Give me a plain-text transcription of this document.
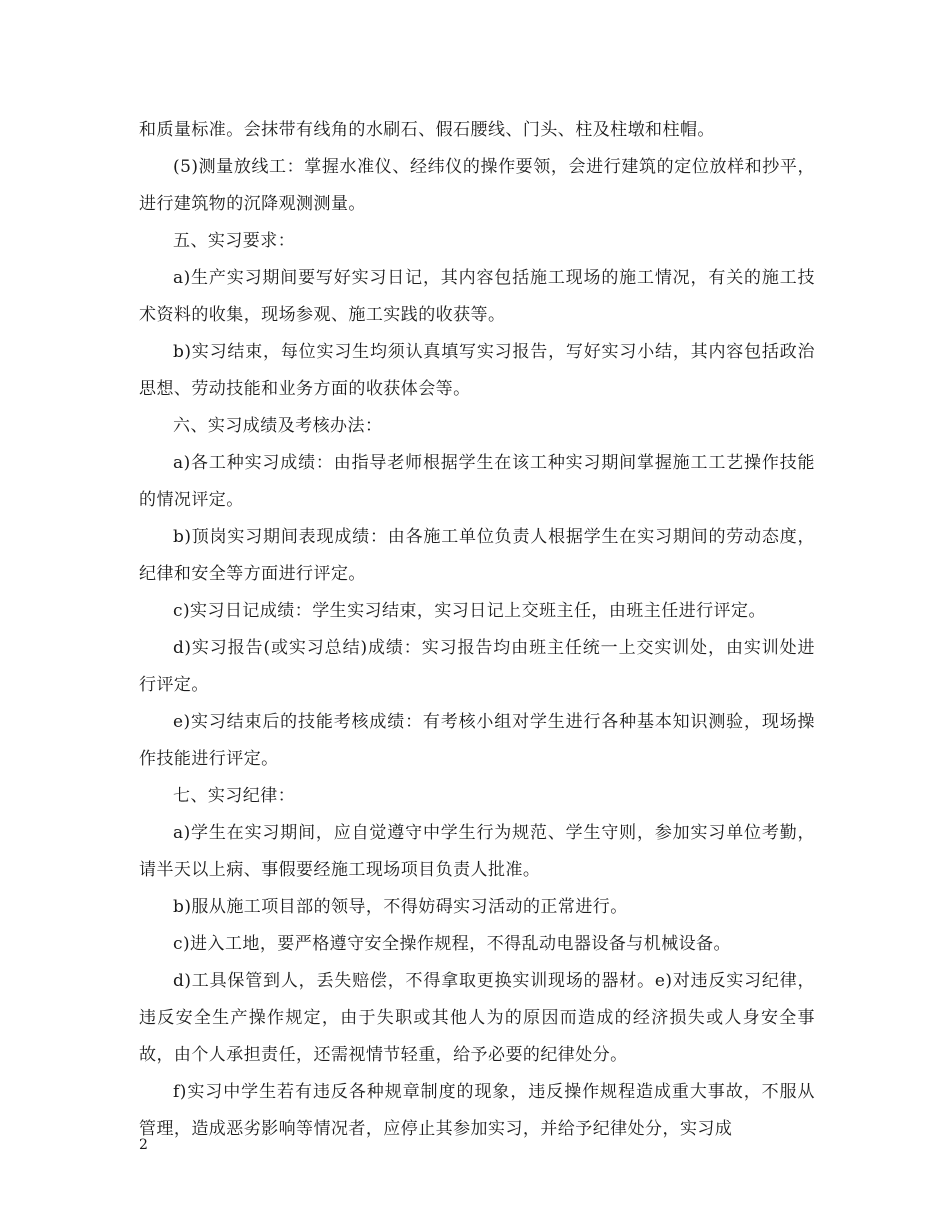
和质量标准。会抹带有线角的水刷石、假石腰线、门头、柱及柱墩和柱帽。

(5)测量放线工：掌握水准仪、经纬仪的操作要领，会进行建筑的定位放样和抄平，进行建筑物的沉降观测测量。

五、实习要求：

a)生产实习期间要写好实习日记，其内容包括施工现场的施工情况，有关的施工技术资料的收集，现场参观、施工实践的收获等。

b)实习结束，每位实习生均须认真填写实习报告，写好实习小结，其内容包括政治思想、劳动技能和业务方面的收获体会等。

六、实习成绩及考核办法：

a)各工种实习成绩：由指导老师根据学生在该工种实习期间掌握施工工艺操作技能的情况评定。

b)顶岗实习期间表现成绩：由各施工单位负责人根据学生在实习期间的劳动态度，纪律和安全等方面进行评定。

c)实习日记成绩：学生实习结束，实习日记上交班主任，由班主任进行评定。

d)实习报告(或实习总结)成绩：实习报告均由班主任统一上交实训处，由实训处进行评定。

e)实习结束后的技能考核成绩：有考核小组对学生进行各种基本知识测验，现场操作技能进行评定。

七、实习纪律：

a)学生在实习期间，应自觉遵守中学生行为规范、学生守则，参加实习单位考勤，请半天以上病、事假要经施工现场项目负责人批准。

b)服从施工项目部的领导，不得妨碍实习活动的正常进行。

c)进入工地，要严格遵守安全操作规程，不得乱动电器设备与机械设备。

d)工具保管到人，丢失赔偿，不得拿取更换实训现场的器材。e)对违反实习纪律，违反安全生产操作规定，由于失职或其他人为的原因而造成的经济损失或人身安全事故，由个人承担责任，还需视情节轻重，给予必要的纪律处分。

f)实习中学生若有违反各种规章制度的现象，违反操作规程造成重大事故，不服从管理，造成恶劣影响等情况者，应停止其参加实习，并给予纪律处分，实习成

2
